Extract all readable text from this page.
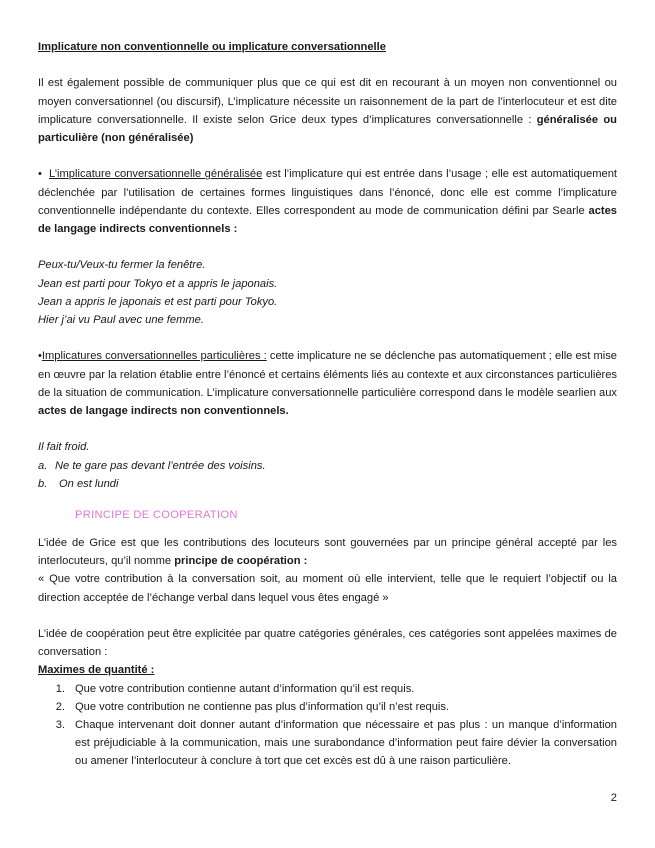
Implicature non conventionnelle ou implicature conversationnelle

Il est également possible de communiquer plus que ce qui est dit en recourant à un moyen non conventionnel ou moyen conversationnel (ou discursif), L’implicature nécessite un raisonnement de la part de l’interlocuteur et est dite implicature conversationnelle. Il existe selon Grice deux types d’implicatures conversationnelle : généralisée ou particulière (non généralisée)

• L’implicature conversationnelle généralisée est l’implicature qui est entrée dans l’usage ; elle est automatiquement déclenchée par l’utilisation de certaines formes linguistiques dans l’énoncé, donc elle est comme l’implicature conventionnelle indépendante du contexte. Elles correspondent au mode de communication défini par Searle actes de langage indirects conventionnels :

Peux-tu/Veux-tu fermer la fenêtre.

Jean est parti pour Tokyo et a appris le japonais.

Jean a appris le japonais et est parti pour Tokyo.

Hier j’ai vu Paul avec une femme.

•Implicatures conversationnelles particulières : cette implicature ne se déclenche pas automatiquement ; elle est mise en œuvre par la relation établie entre l’énoncé et certains éléments liés au contexte et aux circonstances particulières de la situation de communication. L’implicature conversationnelle particulière correspond dans le modèle searlien aux actes de langage indirects non conventionnels.

Il fait froid.

a. Ne te gare pas devant l’entrée des voisins.

b.	On est lundi

PRINCIPE DE COOPERATION

L’idée de Grice est que les contributions des locuteurs sont gouvernées par un principe général accepté par les interlocuteurs, qu’il nomme principe de coopération :

« Que votre contribution à la conversation soit, au moment où elle intervient, telle que le requiert l’objectif ou la direction acceptée de l’échange verbal dans lequel vous êtes engagé »

L’idée de coopération peut être explicitée par quatre catégories générales, ces catégories sont appelées maximes de conversation :

Maximes de quantité :

1. Que votre contribution contienne autant d’information qu’il est requis.
2. Que votre contribution ne contienne pas plus d’information qu’il n’est requis.
3. Chaque intervenant doit donner autant d’information que nécessaire et pas plus : un manque d’information est préjudiciable à la communication, mais une surabondance d’information peut faire dévier la conversation ou amener l’interlocuteur à conclure à tort que cet excès est dû à une raison particulière.
2
